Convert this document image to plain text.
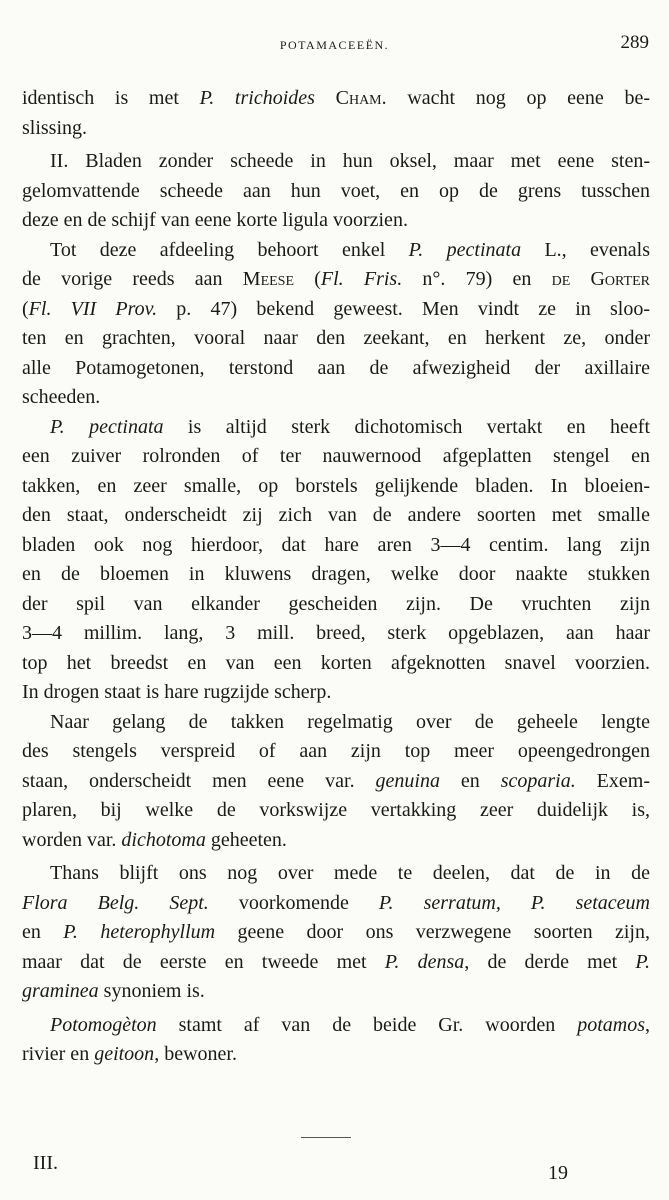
POTAMACEEËN.	289
identisch is met P. trichoides Cham. wacht nog op eene be-
slissing.
II. Bladen zonder scheede in hun oksel, maar met eene sten-
gelomvattende scheede aan hun voet, en op de grens tusschen
deze en de schijf van eene korte ligula voorzien.
Tot deze afdeeling behoort enkel P. pectinata L., evenals
de vorige reeds aan Meese (Fl. Fris. n°. 79) en de Gorter
(Fl. VII Prov. p. 47) bekend geweest. Men vindt ze in sloo-
ten en grachten, vooral naar den zeekant, en herkent ze, onder
alle Potamogetonen, terstond aan de afwezigheid der axillaire
scheeden.
P. pectinata is altijd sterk dichotomisch vertakt en heeft
een zuiver rolronden of ter nauwernood afgeplatten stengel en
takken, en zeer smalle, op borstels gelijkende bladen. In bloeien-
den staat, onderscheidt zij zich van de andere soorten met smalle
bladen ook nog hierdoor, dat hare aren 3—4 centim. lang zijn
en de bloemen in kluwens dragen, welke door naakte stukken
der spil van elkander gescheiden zijn. De vruchten zijn
3—4 millim. lang, 3 mill. breed, sterk opgeblazen, aan haar
top het breedst en van een korten afgeknotten snavel voorzien.
In drogen staat is hare rugzijde scherp.
Naar gelang de takken regelmatig over de geheele lengte
des stengels verspreid of aan zijn top meer opeengedrongen
staan, onderscheidt men eene var. genuina en scoparia. Exem-
plaren, bij welke de vorkswijze vertakking zeer duidelijk is,
worden var. dichotoma geheeten.
Thans blijft ons nog over mede te deelen, dat de in de
Flora Belg. Sept. voorkomende P. serratum, P. setaceum
en P. heterophyllum geene door ons verzwegene soorten zijn,
maar dat de eerste en tweede met P. densa, de derde met P.
graminea synoniem is.
Potomogèton stamt af van de beide Gr. woorden potamos,
rivier en geitoon, bewoner.
III.	19
